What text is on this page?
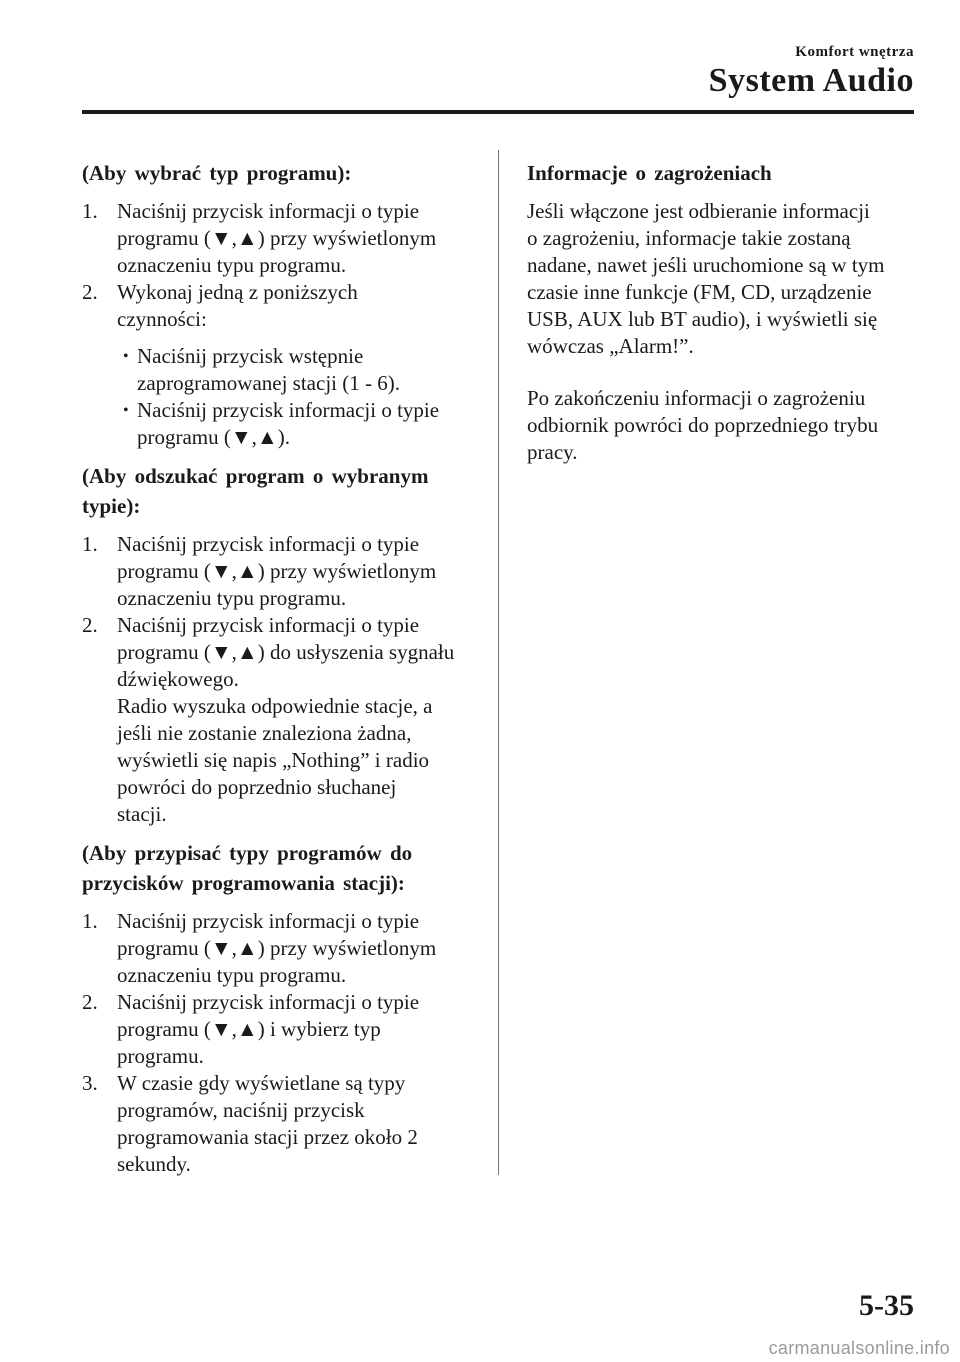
Komfort wnętrza
System Audio
(Aby wybrać typ programu):
1. Naciśnij przycisk informacji o typie

programu (▼,▲) przy wyświetlonym

oznaczeniu typu programu.

2. Wykonaj jedną z poniższych

czynności:

• Naciśnij przycisk wstępnie

zaprogramowanej stacji (1 - 6).

• Naciśnij przycisk informacji o typie

programu (▼,▲).

(Aby odszukać program o wybranym
typie):
1. Naciśnij przycisk informacji o typie

programu (▼,▲) przy wyświetlonym

oznaczeniu typu programu.

2. Naciśnij przycisk informacji o typie

programu (▼,▲) do usłyszenia sygnału

dźwiękowego.

Radio wyszuka odpowiednie stacje, a

jeśli nie zostanie znaleziona żadna,

wyświetli się napis „Nothing” i radio

powróci do poprzednio słuchanej

stacji.

(Aby przypisać typy programów do
przycisków programowania stacji):
1. Naciśnij przycisk informacji o typie

programu (▼,▲) przy wyświetlonym

oznaczeniu typu programu.

2. Naciśnij przycisk informacji o typie

programu (▼,▲) i wybierz typ

programu.

3. W czasie gdy wyświetlane są typy

programów, naciśnij przycisk

programowania stacji przez około 2

sekundy.

Informacje o zagrożeniach

Jeśli włączone jest odbieranie informacji

o zagrożeniu, informacje takie zostaną

nadane, nawet jeśli uruchomione są w tym

czasie inne funkcje (FM, CD, urządzenie

USB, AUX lub BT audio), i wyświetli się

wówczas „Alarm!”.

Po zakończeniu informacji o zagrożeniu

odbiornik powróci do poprzedniego trybu

pracy.

5-35
carmanualsonline.info
